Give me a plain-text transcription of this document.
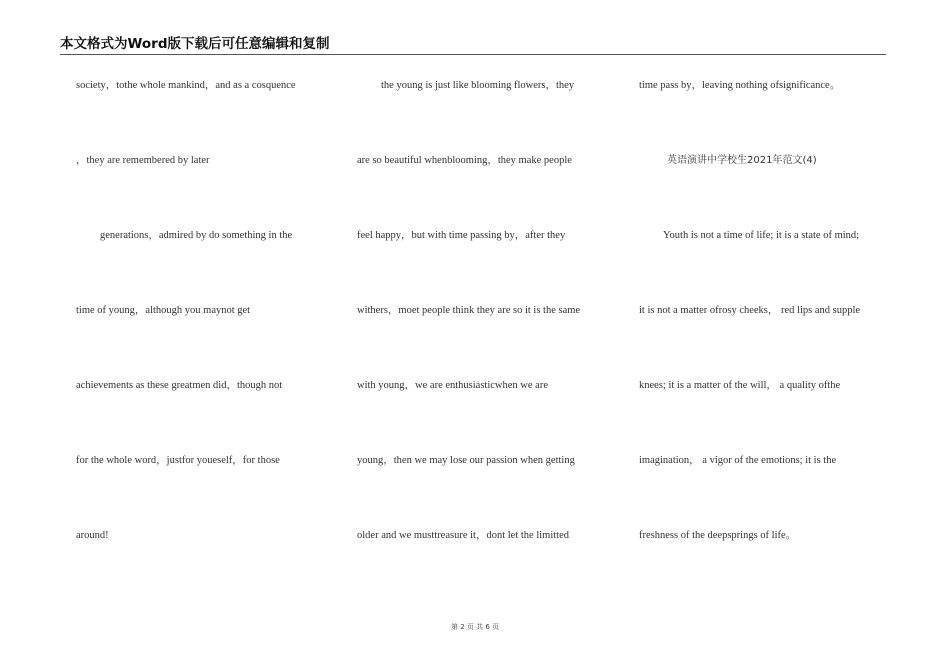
本文格式为Word版下载后可任意编辑和复制
society，tothe whole mankind，and as a cosquence
，they are remembered by later
generations，admired by do something in the
time of young，although you maynot get
achievements as these greatmen did，though not
for the whole word，justfor youeself，for those
around!
the young is just like blooming flowers，they
are so beautiful whenblooming，they make people
feel happy，but with time passing by，after they
withers，moet people think they are so it is the same
with young，we are enthusiasticwhen we are
young，then we may lose our passion when getting
older and we musttreasure it，dont let the limitted
time pass by，leaving nothing ofsignificance。
英语演讲中学校生2021年范文(4)
Youth is not a time of life; it is a state of mind;
it is not a matter ofrosy cheeks， red lips and supple
knees; it is a matter of the will， a quality ofthe
imagination， a vigor of the emotions; it is the
freshness of the deepsprings of life。
第 2 页 共 6 页
